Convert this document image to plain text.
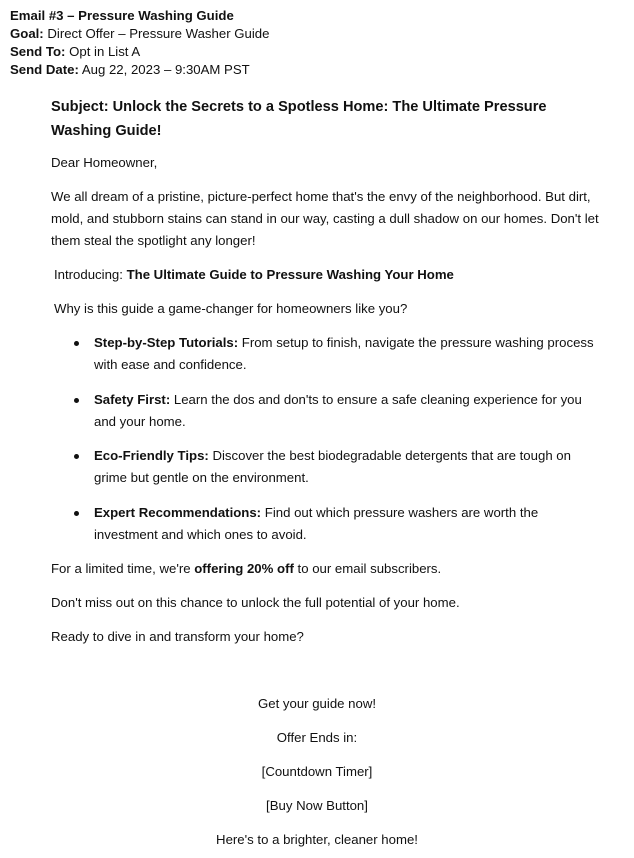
Email #3 – Pressure Washing Guide
Goal: Direct Offer – Pressure Washer Guide
Send To: Opt in List A
Send Date: Aug 22, 2023 – 9:30AM PST
Subject: Unlock the Secrets to a Spotless Home: The Ultimate Pressure Washing Guide!
Dear Homeowner,
We all dream of a pristine, picture-perfect home that's the envy of the neighborhood. But dirt, mold, and stubborn stains can stand in our way, casting a dull shadow on our homes. Don't let them steal the spotlight any longer!
Introducing: The Ultimate Guide to Pressure Washing Your Home
Why is this guide a game-changer for homeowners like you?
Step-by-Step Tutorials: From setup to finish, navigate the pressure washing process with ease and confidence.
Safety First: Learn the dos and don'ts to ensure a safe cleaning experience for you and your home.
Eco-Friendly Tips: Discover the best biodegradable detergents that are tough on grime but gentle on the environment.
Expert Recommendations: Find out which pressure washers are worth the investment and which ones to avoid.
For a limited time, we're offering 20% off to our email subscribers.
Don't miss out on this chance to unlock the full potential of your home.
Ready to dive in and transform your home?
Get your guide now!
Offer Ends in:
[Countdown Timer]
[Buy Now Button]
Here's to a brighter, cleaner home!
